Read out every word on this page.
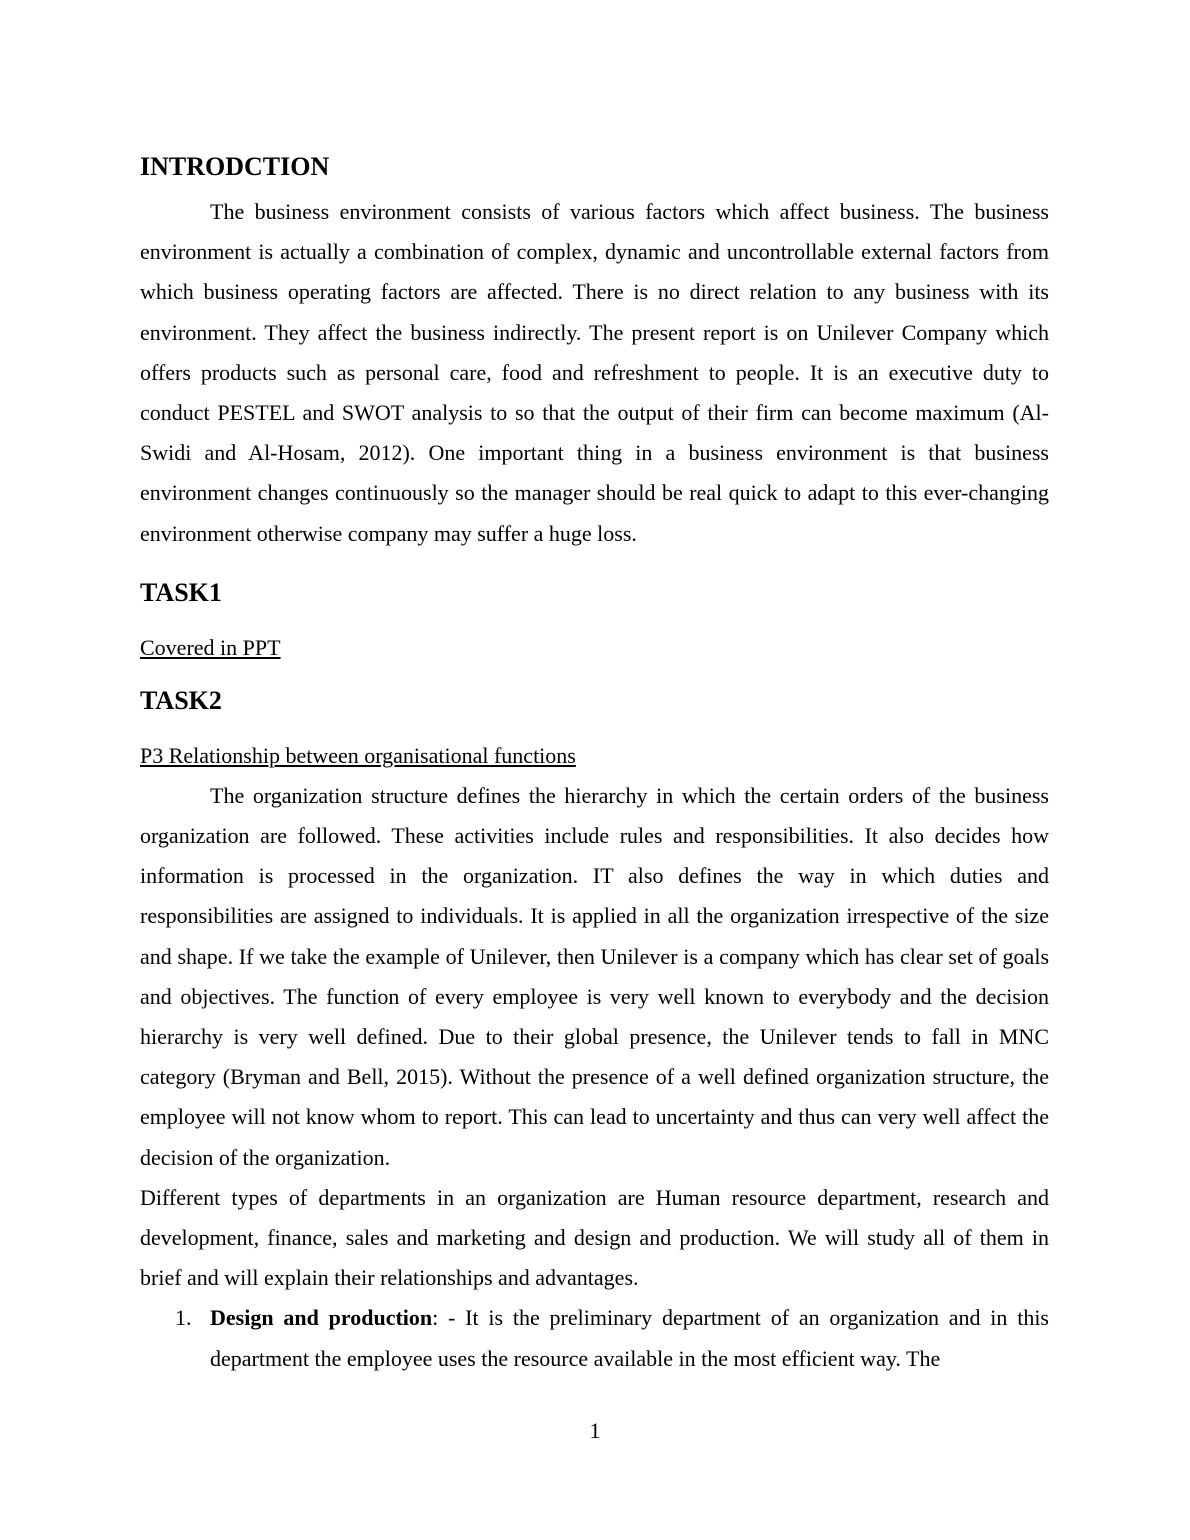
INTRODCTION

The business environment consists of various factors which affect business. The business environment is actually a combination of complex, dynamic and uncontrollable external factors from which business operating factors are affected. There is no direct relation to any business with its environment. They affect the business indirectly. The present report is on Unilever Company which offers products such as personal care, food and refreshment to people. It is an executive duty to conduct PESTEL and SWOT analysis to so that the output of their firm can become maximum (Al-Swidi and Al-Hosam, 2012). One important thing in a business environment is that business environment changes continuously so the manager should be real quick to adapt to this ever-changing environment otherwise company may suffer a huge loss.

TASK1

Covered in PPT

TASK2

P3 Relationship between organisational functions

The organization structure defines the hierarchy in which the certain orders of the business organization are followed. These activities include rules and responsibilities. It also decides how information is processed in the organization. IT also defines the way in which duties and responsibilities are assigned to individuals. It is applied in all the organization irrespective of the size and shape. If we take the example of Unilever, then Unilever is a company which has clear set of goals and objectives. The function of every employee is very well known to everybody and the decision hierarchy is very well defined. Due to their global presence, the Unilever tends to fall in MNC category (Bryman and Bell, 2015). Without the presence of a well defined organization structure, the employee will not know whom to report. This can lead to uncertainty and thus can very well affect the decision of the organization.

Different types of departments in an organization are Human resource department, research and development, finance, sales and marketing and design and production. We will study all of them in brief and will explain their relationships and advantages.

1. Design and production: - It is the preliminary department of an organization and in this department the employee uses the resource available in the most efficient way. The
1
